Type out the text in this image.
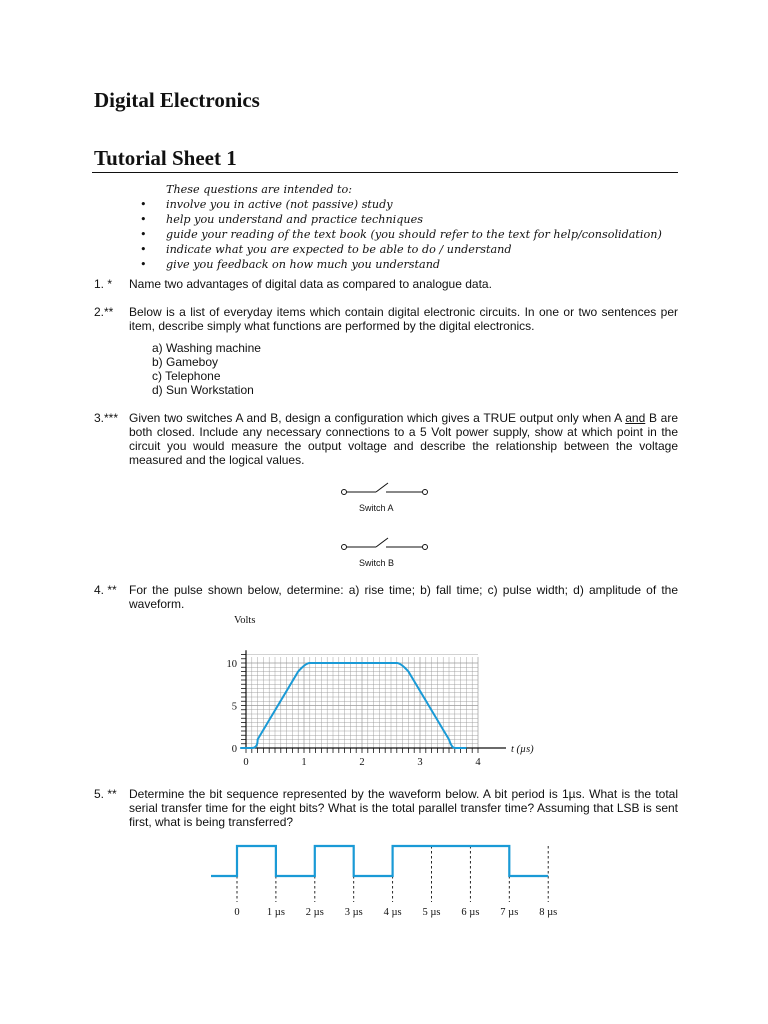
Digital Electronics
Tutorial Sheet 1
These questions are intended to:
• involve you in active (not passive) study
• help you understand and practice techniques
• guide your reading of the text book (you should refer to the text for help/consolidation)
• indicate what you are expected to be able to do / understand
• give you feedback on how much you understand
1. * Name two advantages of digital data as compared to analogue data.
2.** Below is a list of everyday items which contain digital electronic circuits. In one or two sentences per item, describe simply what functions are performed by the digital electronics.
a) Washing machine
b) Gameboy
c) Telephone
d) Sun Workstation
3.*** Given two switches A and B, design a configuration which gives a TRUE output only when A and B are both closed. Include any necessary connections to a 5 Volt power supply, show at which point in the circuit you would measure the output voltage and describe the relationship between the voltage measured and the logical values.
Switch A
Switch B
4. ** For the pulse shown below, determine: a) rise time; b) fall time; c) pulse width; d) amplitude of the waveform.
0	1	2	3	4
0
5
10
Volts
t (µs)
5. ** Determine the bit sequence represented by the waveform below. A bit period is 1µs. What is the total serial transfer time for the eight bits? What is the total parallel transfer time? Assuming that LSB is sent first, what is being transferred?
0	1 µs 2 µs 3 µs 4 µs 5 µs 6 µs 7 µs 8 µs
